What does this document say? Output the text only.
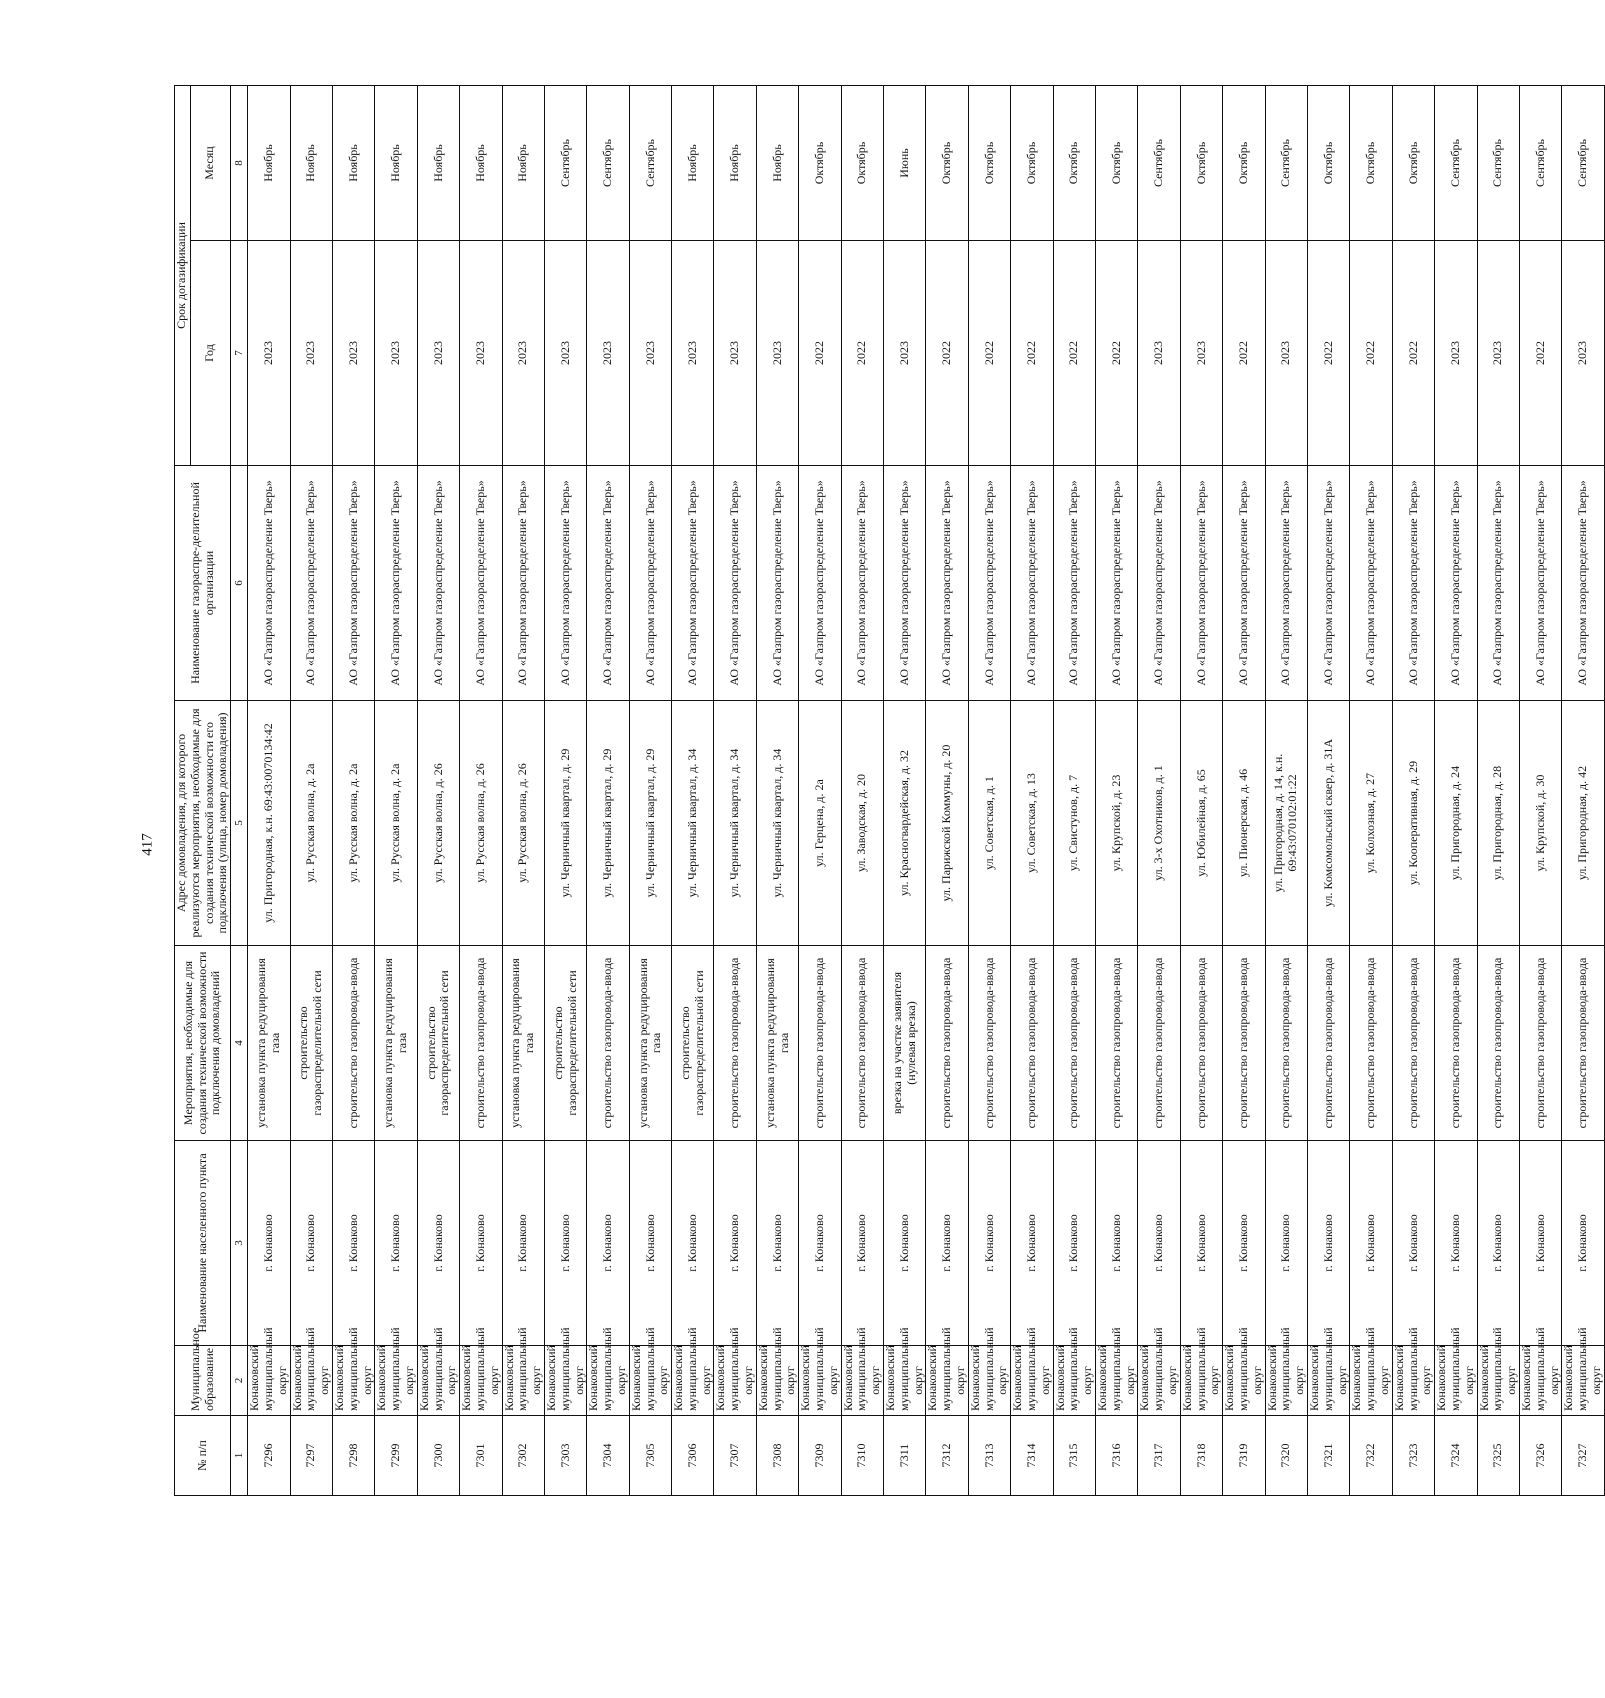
417
№ п/п	Муниципальное образование	Наименование населенного пункта	Мероприятия, необходимые для создания технической возможности подключения домовладений	Адрес домовладения, для которого реализуются мероприятия, необходимые для создания технической возможности его подключения (улица, номер домовладения)	Наименование газораспре-делительной организации	Срок догазификации	
						Год	Месяц
1	2	3	4	5	6	7	8
7296	Конаковский муниципальный округ	г. Конаково	установка пункта редуцирования газа	ул. Пригородная, к.н. 69:43:0070134:42	АО «Газпром газораспределение Тверь»	2023	Ноябрь
7297	Конаковский муниципальный округ	г. Конаково	строительство газораспределительной сети	ул. Русская волна, д. 2а	АО «Газпром газораспределение Тверь»	2023	Ноябрь
7298	Конаковский муниципальный округ	г. Конаково	строительство газопровода-ввода	ул. Русская волна, д. 2а	АО «Газпром газораспределение Тверь»	2023	Ноябрь
7299	Конаковский муниципальный округ	г. Конаково	установка пункта редуцирования газа	ул. Русская волна, д. 2а	АО «Газпром газораспределение Тверь»	2023	Ноябрь
7300	Конаковский муниципальный округ	г. Конаково	строительство газораспределительной сети	ул. Русская волна, д. 26	АО «Газпром газораспределение Тверь»	2023	Ноябрь
7301	Конаковский муниципальный округ	г. Конаково	строительство газопровода-ввода	ул. Русская волна, д. 26	АО «Газпром газораспределение Тверь»	2023	Ноябрь
7302	Конаковский муниципальный округ	г. Конаково	установка пункта редуцирования газа	ул. Русская волна, д. 26	АО «Газпром газораспределение Тверь»	2023	Ноябрь
7303	Конаковский муниципальный округ	г. Конаково	строительство газораспределительной сети	ул. Черничный квартал, д. 29	АО «Газпром газораспределение Тверь»	2023	Сентябрь
7304	Конаковский муниципальный округ	г. Конаково	строительство газопровода-ввода	ул. Черничный квартал, д. 29	АО «Газпром газораспределение Тверь»	2023	Сентябрь
7305	Конаковский муниципальный округ	г. Конаково	установка пункта редуцирования газа	ул. Черничный квартал, д. 29	АО «Газпром газораспределение Тверь»	2023	Сентябрь
7306	Конаковский муниципальный округ	г. Конаково	строительство газораспределительной сети	ул. Черничный квартал, д. 34	АО «Газпром газораспределение Тверь»	2023	Ноябрь
7307	Конаковский муниципальный округ	г. Конаково	строительство газопровода-ввода	ул. Черничный квартал, д. 34	АО «Газпром газораспределение Тверь»	2023	Ноябрь
7308	Конаковский муниципальный округ	г. Конаково	установка пункта редуцирования газа	ул. Черничный квартал, д. 34	АО «Газпром газораспределение Тверь»	2023	Ноябрь
7309	Конаковский муниципальный округ	г. Конаково	строительство газопровода-ввода	ул. Герцена, д. 2а	АО «Газпром газораспределение Тверь»	2022	Октябрь
7310	Конаковский муниципальный округ	г. Конаково	строительство газопровода-ввода	ул. Заводская, д. 20	АО «Газпром газораспределение Тверь»	2022	Октябрь
7311	Конаковский муниципальный округ	г. Конаково	врезка на участке заявителя (нулевая врезка)	ул. Красногвардейская, д. 32	АО «Газпром газораспределение Тверь»	2023	Июнь
7312	Конаковский муниципальный округ	г. Конаково	строительство газопровода-ввода	ул. Парижской Коммуны, д. 20	АО «Газпром газораспределение Тверь»	2022	Октябрь
7313	Конаковский муниципальный округ	г. Конаково	строительство газопровода-ввода	ул. Советская, д. 1	АО «Газпром газораспределение Тверь»	2022	Октябрь
7314	Конаковский муниципальный округ	г. Конаково	строительство газопровода-ввода	ул. Советская, д. 13	АО «Газпром газораспределение Тверь»	2022	Октябрь
7315	Конаковский муниципальный округ	г. Конаково	строительство газопровода-ввода	ул. Свистунов, д. 7	АО «Газпром газораспределение Тверь»	2022	Октябрь
7316	Конаковский муниципальный округ	г. Конаково	строительство газопровода-ввода	ул. Крупской, д. 23	АО «Газпром газораспределение Тверь»	2022	Октябрь
7317	Конаковский муниципальный округ	г. Конаково	строительство газопровода-ввода	ул. 3-х Охотников, д. 1	АО «Газпром газораспределение Тверь»	2023	Сентябрь
7318	Конаковский муниципальный округ	г. Конаково	строительство газопровода-ввода	ул. Юбилейная, д. 65	АО «Газпром газораспределение Тверь»	2023	Октябрь
7319	Конаковский муниципальный округ	г. Конаково	строительство газопровода-ввода	ул. Пионерская, д. 46	АО «Газпром газораспределение Тверь»	2022	Октябрь
7320	Конаковский муниципальный округ	г. Конаково	строительство газопровода-ввода	ул. Пригородная, д. 14, к.н. 69:43:070102:01:22	АО «Газпром газораспределение Тверь»	2023	Сентябрь
7321	Конаковский муниципальный округ	г. Конаково	строительство газопровода-ввода	ул. Комсомольский сквер, д. 31А	АО «Газпром газораспределение Тверь»	2022	Октябрь
7322	Конаковский муниципальный округ	г. Конаково	строительство газопровода-ввода	ул. Колхозная, д. 27	АО «Газпром газораспределение Тверь»	2022	Октябрь
7323	Конаковский муниципальный округ	г. Конаково	строительство газопровода-ввода	ул. Кооперативная, д. 29	АО «Газпром газораспределение Тверь»	2022	Октябрь
7324	Конаковский муниципальный округ	г. Конаково	строительство газопровода-ввода	ул. Пригородная, д. 24	АО «Газпром газораспределение Тверь»	2023	Сентябрь
7325	Конаковский муниципальный округ	г. Конаково	строительство газопровода-ввода	ул. Пригородная, д. 28	АО «Газпром газораспределение Тверь»	2023	Сентябрь
7326	Конаковский муниципальный округ	г. Конаково	строительство газопровода-ввода	ул. Крупской, д. 30	АО «Газпром газораспределение Тверь»	2022	Сентябрь
7327	Конаковский муниципальный округ	г. Конаково	строительство газопровода-ввода	ул. Пригородная, д. 42	АО «Газпром газораспределение Тверь»	2023	Сентябрь
